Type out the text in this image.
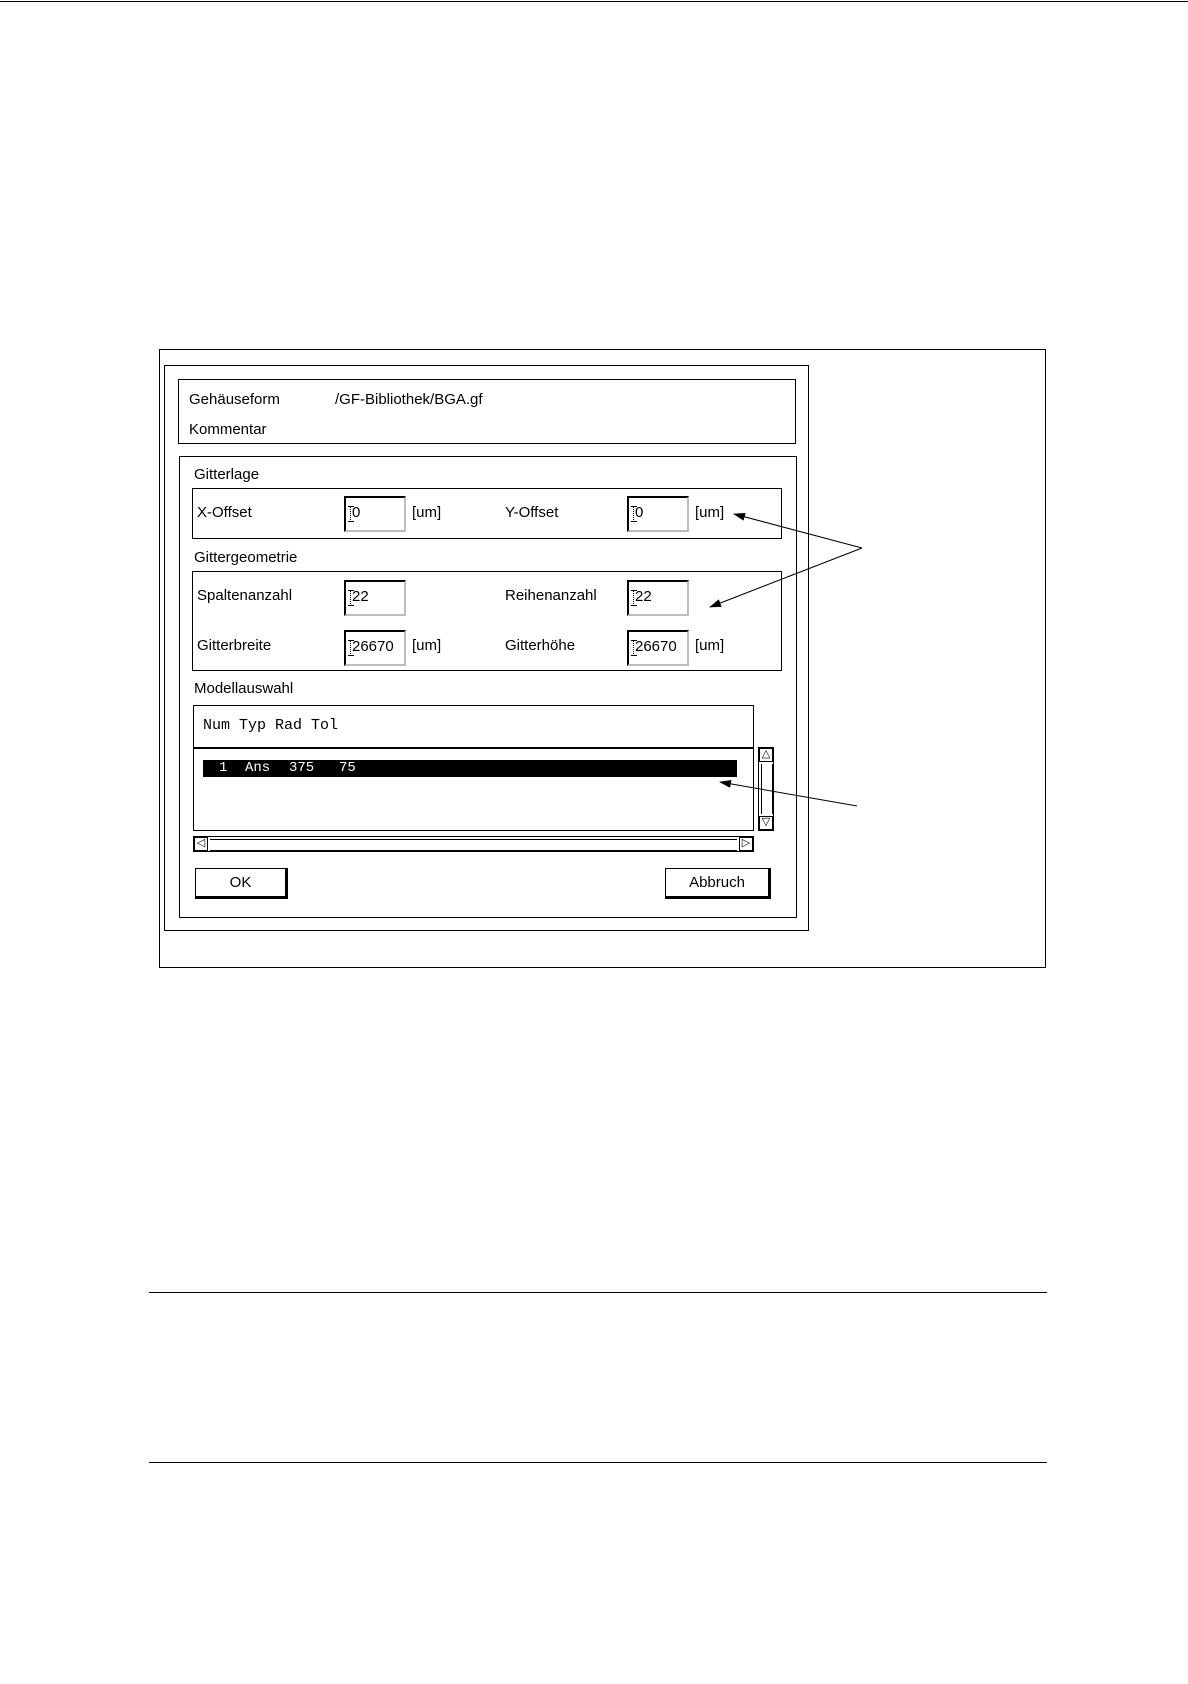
Gehäuseform	/GF-Bibliothek/BGA.gf
Kommentar
Gitterlage
X-Offset	0	[um]	Y-Offset	0	[um]
Gittergeometrie
Spaltenanzahl	22	Reihenanzahl	22
Gitterbreite	26670	[um]	Gitterhöhe	26670	[um]
Modellauswahl
Num Typ Rad Tol
1 Ans 375 75
△
▽
◁	▷
OK	Abbruch
